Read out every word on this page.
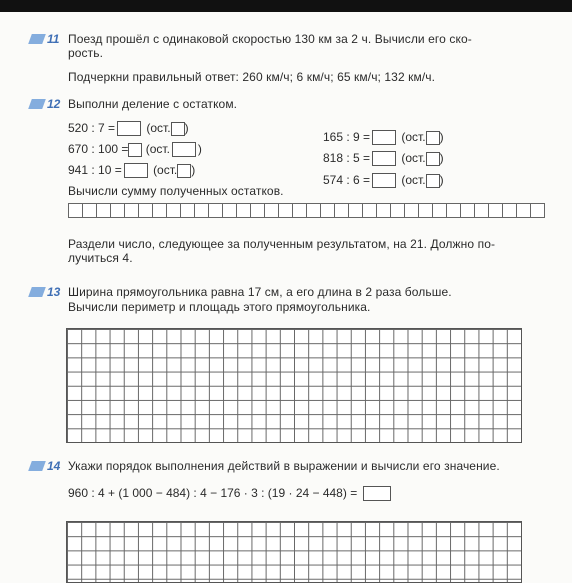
11 Поезд прошёл с одинаковой скоростью 130 км за 2 ч. Вычисли его ско-
рость.
Подчеркни правильный ответ: 260 км/ч; 6 км/ч; 65 км/ч; 132 км/ч.
12 Выполни деление с остатком.
520 : 7 =	(ост. )
670 : 100 = (ост. )
941 : 10 =	(ост. )
165 : 9 =	(ост. )
818 : 5 =	(ост. )
574 : 6 =	(ост. )
Вычисли сумму полученных остатков.
Раздели число, следующее за полученным результатом, на 21. Должно по-
лучиться 4.
13 Ширина прямоугольника равна 17 см, а его длина в 2 раза больше.
Вычисли периметр и площадь этого прямоугольника.
14 Укажи порядок выполнения действий в выражении и вычисли его значение.
960 : 4 + (1 000 − 484) : 4 − 176 · 3 : (19 · 24 − 448) =
